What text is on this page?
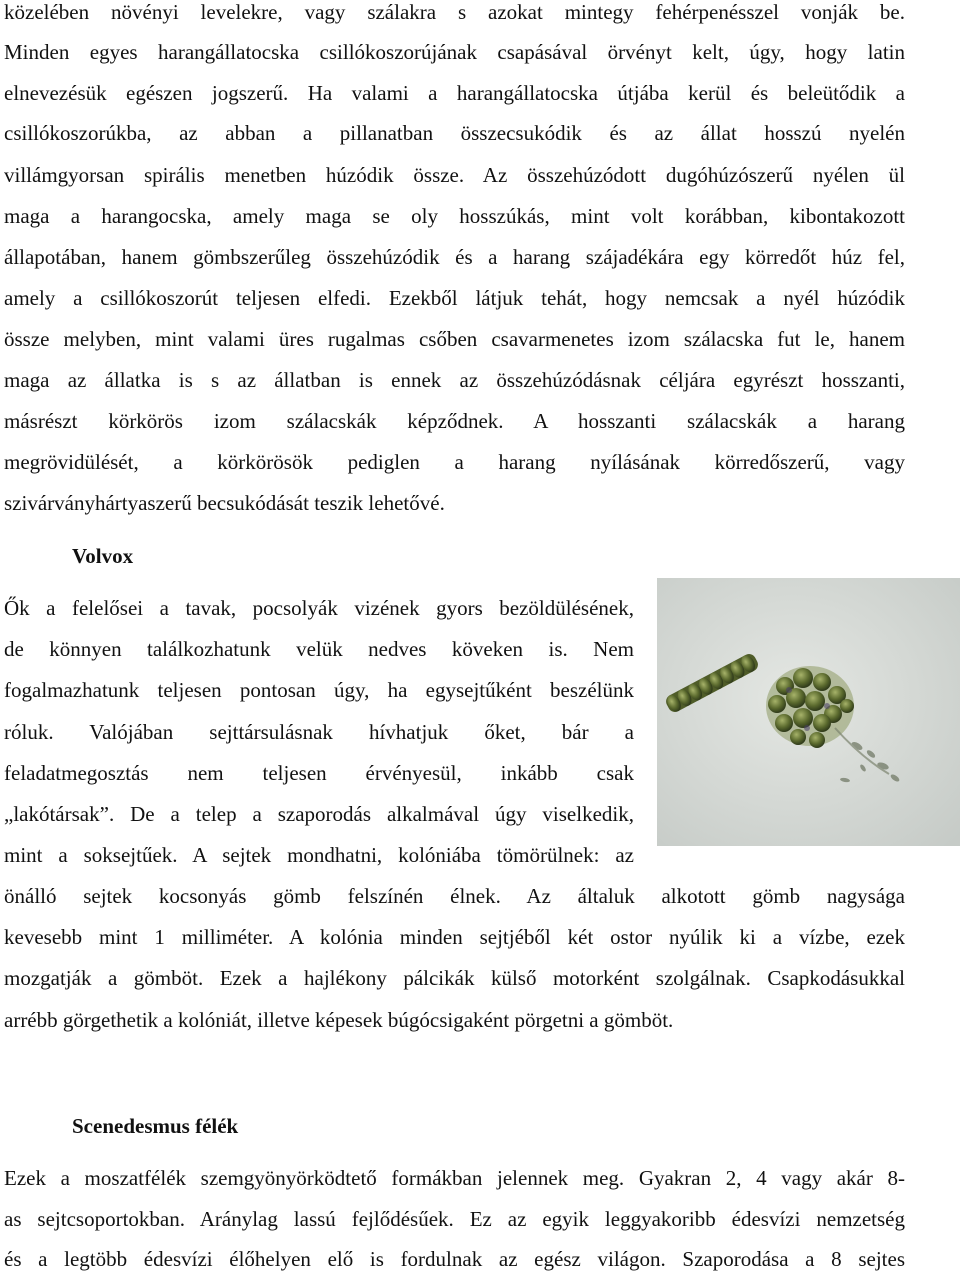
közelében növényi levelekre, vagy szálakra s azokat mintegy fehérpenésszel vonják be.
Minden egyes harangállatocska csillókoszorújának csapásával örvényt kelt, úgy, hogy latin
elnevezésük egészen jogszerű. Ha valami a harangállatocska útjába kerül és beleütődik a
csillókoszorúkba, az abban a pillanatban összecsukódik és az állat hosszú nyelén
villámgyorsan spirális menetben húzódik össze. Az összehúzódott dugóhúzószerű nyélen ül
maga a harangocska, amely maga se oly hosszúkás, mint volt korábban, kibontakozott
állapotában, hanem gömbszerűleg összehúzódik és a harang szájadékára egy körredőt húz fel,
amely a csillókoszorút teljesen elfedi. Ezekből látjuk tehát, hogy nemcsak a nyél húzódik
össze melyben, mint valami üres rugalmas csőben csavarmenetes izom szálacska fut le, hanem
maga az állatka is s az állatban is ennek az összehúzódásnak céljára egyrészt hosszanti,
másrészt körkörös izom szálacskák képződnek. A hosszanti szálacskák a harang
megrövidülését, a körkörösök pediglen a harang nyílásának körredőszerű, vagy
szivárványhártyaszerű becsukódását teszik lehetővé.
Volvox
Ők a felelősei a tavak, pocsolyák vizének gyors bezöldülésének,
de könnyen találkozhatunk velük nedves köveken is. Nem
fogalmazhatunk teljesen pontosan úgy, ha egysejtűként beszélünk
róluk. Valójában sejttársulásnak hívhatjuk őket, bár a
feladatmegosztás nem teljesen érvényesül, inkább csak
„lakótársak”. De a telep a szaporodás alkalmával úgy viselkedik,
mint a soksejtűek. A sejtek mondhatni, kolóniába tömörülnek: az
önálló sejtek kocsonyás gömb felszínén élnek. Az általuk alkotott gömb nagysága
kevesebb mint 1 milliméter. A kolónia minden sejtjéből két ostor nyúlik ki a vízbe, ezek
mozgatják a gömböt. Ezek a hajlékony pálcikák külső motorként szolgálnak. Csapkodásukkal
arrébb görgethetik a kolóniát, illetve képesek búgócsigaként pörgetni a gömböt.
Scenedesmus félék
Ezek a moszatfélék szemgyönyörködtető formákban jelennek meg. Gyakran 2, 4 vagy akár 8-
as sejtcsoportokban. Aránylag lassú fejlődésűek. Ez az egyik leggyakoribb édesvízi nemzetség
és a legtöbb édesvízi élőhelyen elő is fordulnak az egész világon. Szaporodása a 8 sejtes
